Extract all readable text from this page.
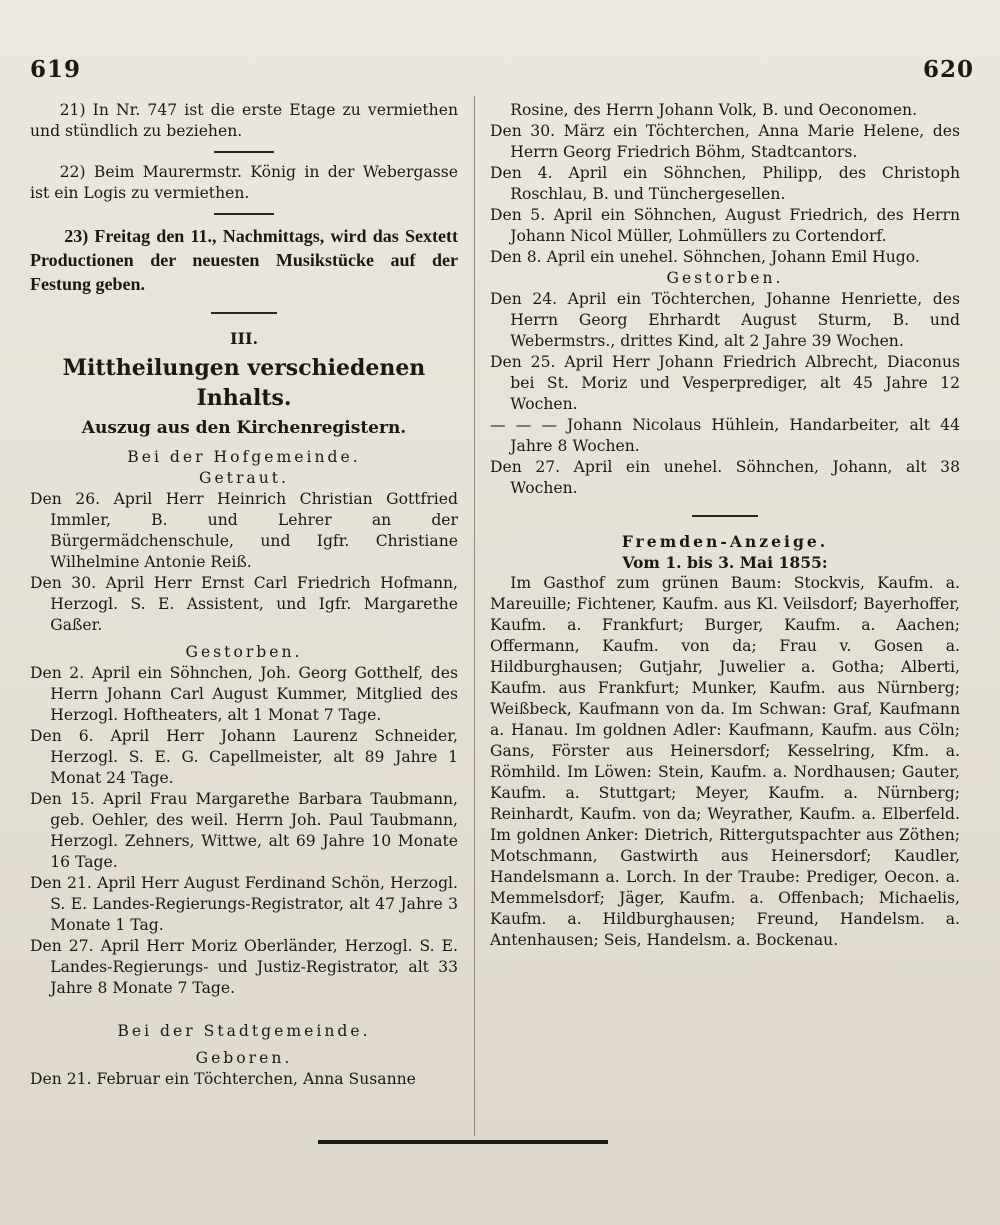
619	620

21) In Nr. 747 ist die erste Etage zu vermiethen und stündlich zu beziehen.

22) Beim Maurermstr. König in der Webergasse ist ein Logis zu vermiethen.

23) Freitag den 11., Nachmittags, wird das Sextett Productionen der neuesten Musikstücke auf der Festung geben.

III.

Mittheilungen verschiedenen Inhalts.

Auszug aus den Kirchenregistern.

Bei der Hofgemeinde.

Getraut.

Den 26. April Herr Heinrich Christian Gottfried Immler, B. und Lehrer an der Bürgermädchenschule, und Igfr. Christiane Wilhelmine Antonie Reiß.

Den 30. April Herr Ernst Carl Friedrich Hofmann, Herzogl. S. E. Assistent, und Igfr. Margarethe Gaßer.

Gestorben.

Den 2. April ein Söhnchen, Joh. Georg Gotthelf, des Herrn Johann Carl August Kummer, Mitglied des Herzogl. Hoftheaters, alt 1 Monat 7 Tage.

Den 6. April Herr Johann Laurenz Schneider, Herzogl. S. E. G. Capellmeister, alt 89 Jahre 1 Monat 24 Tage.

Den 15. April Frau Margarethe Barbara Taubmann, geb. Oehler, des weil. Herrn Joh. Paul Taubmann, Herzogl. Zehners, Wittwe, alt 69 Jahre 10 Monate 16 Tage.

Den 21. April Herr August Ferdinand Schön, Herzogl. S. E. Landes-Regierungs-Registrator, alt 47 Jahre 3 Monate 1 Tag.

Den 27. April Herr Moriz Oberländer, Herzogl. S. E. Landes-Regierungs- und Justiz-Registrator, alt 33 Jahre 8 Monate 7 Tage.

Bei der Stadtgemeinde.

Geboren.

Den 21. Februar ein Töchterchen, Anna Susanne

Rosine, des Herrn Johann Volk, B. und Oeconomen.

Den 30. März ein Töchterchen, Anna Marie Helene, des Herrn Georg Friedrich Böhm, Stadtcantors.

Den 4. April ein Söhnchen, Philipp, des Christoph Roschlau, B. und Tünchergesellen.

Den 5. April ein Söhnchen, August Friedrich, des Herrn Johann Nicol Müller, Lohmüllers zu Cortendorf.

Den 8. April ein unehel. Söhnchen, Johann Emil Hugo.

Gestorben.

Den 24. April ein Töchterchen, Johanne Henriette, des Herrn Georg Ehrhardt August Sturm, B. und Webermstrs., drittes Kind, alt 2 Jahre 39 Wochen.

Den 25. April Herr Johann Friedrich Albrecht, Diaconus bei St. Moriz und Vesperprediger, alt 45 Jahre 12 Wochen.

— — — Johann Nicolaus Hühlein, Handarbeiter, alt 44 Jahre 8 Wochen.

Den 27. April ein unehel. Söhnchen, Johann, alt 38 Wochen.

Fremden-Anzeige.

Vom 1. bis 3. Mai 1855:

Im Gasthof zum grünen Baum: Stockvis, Kaufm. a. Mareuille; Fichtener, Kaufm. aus Kl. Veilsdorf; Bayerhoffer, Kaufm. a. Frankfurt; Burger, Kaufm. a. Aachen; Offermann, Kaufm. von da; Frau v. Gosen a. Hildburghausen; Gutjahr, Juwelier a. Gotha; Alberti, Kaufm. aus Frankfurt; Munker, Kaufm. aus Nürnberg; Weißbeck, Kaufmann von da. Im Schwan: Graf, Kaufmann a. Hanau. Im goldnen Adler: Kaufmann, Kaufm. aus Cöln; Gans, Förster aus Heinersdorf; Kesselring, Kfm. a. Römhild. Im Löwen: Stein, Kaufm. a. Nordhausen; Gauter, Kaufm. a. Stuttgart; Meyer, Kaufm. a. Nürnberg; Reinhardt, Kaufm. von da; Weyrather, Kaufm. a. Elberfeld. Im goldnen Anker: Dietrich, Rittergutspachter aus Zöthen; Motschmann, Gastwirth aus Heinersdorf; Kaudler, Handelsmann a. Lorch. In der Traube: Prediger, Oecon. a. Memmelsdorf; Jäger, Kaufm. a. Offenbach; Michaelis, Kaufm. a. Hildburghausen; Freund, Handelsm. a. Antenhausen; Seis, Handelsm. a. Bockenau.
